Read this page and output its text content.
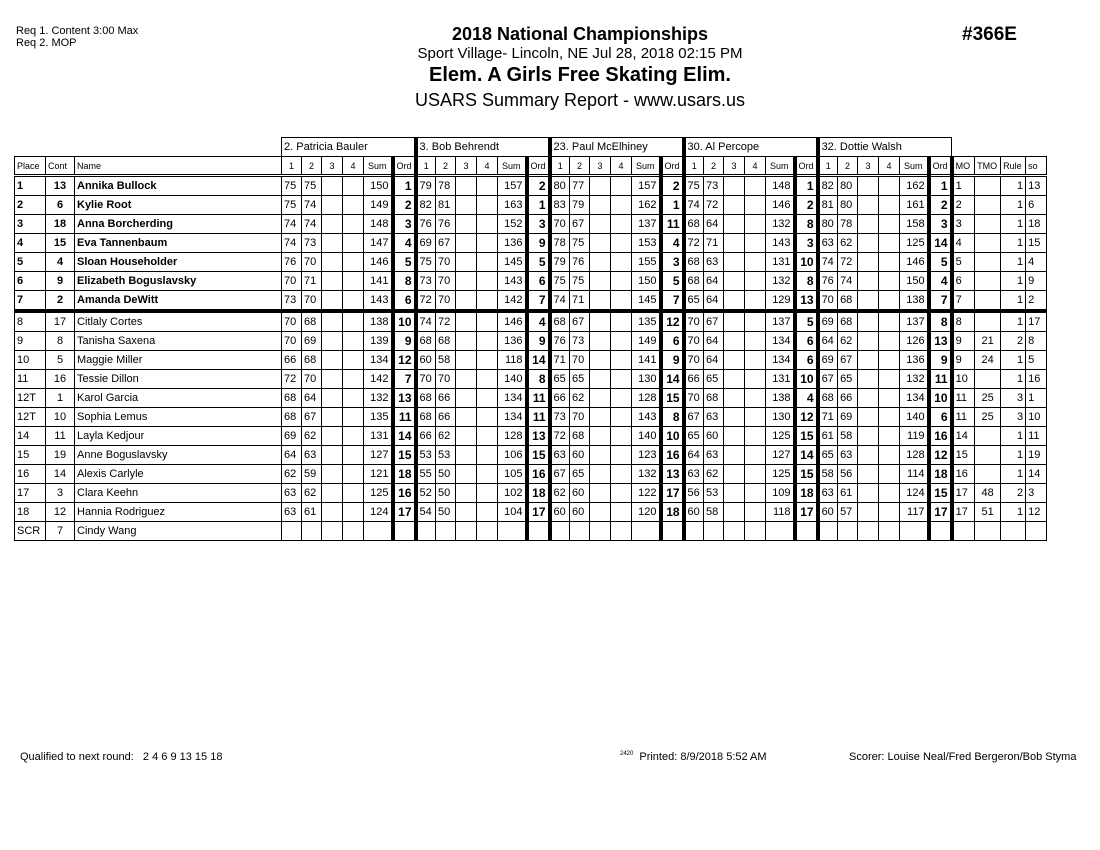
Req 1. Content 3:00 Max
Req 2. MOP	2018 National Championships
Sport Village- Lincoln, NE Jul 28, 2018 02:15 PM
Elem. A Girls Free Skating Elim.
USARS Summary Report - www.usars.us
#366E
			2. Patricia Bauler						3. Bob Behrendt						23. Paul McElhiney						30. Al Percope						32. Dottie Walsh									
Place	Cont	Name	1	2	3	4	Sum	Ord	1	2	3	4	Sum	Ord	1	2	3	4	Sum	Ord	1	2	3	4	Sum	Ord	1	2	3	4	Sum	Ord	MO	TMO	Rule	so
1	13	Annika Bullock	75	75			150	1	79	78			157	2	80	77			157	2	75	73			148	1	82	80			162	1	1		1	13
2	6	Kylie Root	75	74			149	2	82	81			163	1	83	79			162	1	74	72			146	2	81	80			161	2	2		1	6
3	18	Anna Borcherding	74	74			148	3	76	76			152	3	70	67			137	11	68	64			132	8	80	78			158	3	3		1	18
4	15	Eva Tannenbaum	74	73			147	4	69	67			136	9	78	75			153	4	72	71			143	3	63	62			125	14	4		1	15
5	4	Sloan Householder	76	70			146	5	75	70			145	5	79	76			155	3	68	63			131	10	74	72			146	5	5		1	4
6	9	Elizabeth Boguslavsky	70	71			141	8	73	70			143	6	75	75			150	5	68	64			132	8	76	74			150	4	6		1	9
7	2	Amanda DeWitt	73	70			143	6	72	70			142	7	74	71			145	7	65	64			129	13	70	68			138	7	7		1	2
8	17	Citlaly Cortes	70	68			138	10	74	72			146	4	68	67			135	12	70	67			137	5	69	68			137	8	8		1	17
9	8	Tanisha Saxena	70	69			139	9	68	68			136	9	76	73			149	6	70	64			134	6	64	62			126	13	9	21	2	8
10	5	Maggie Miller	66	68			134	12	60	58			118	14	71	70			141	9	70	64			134	6	69	67			136	9	9	24	1	5
11	16	Tessie Dillon	72	70			142	7	70	70			140	8	65	65			130	14	66	65			131	10	67	65			132	11	10		1	16
12T	1	Karol Garcia	68	64			132	13	68	66			134	11	66	62			128	15	70	68			138	4	68	66			134	10	11	25	3	1
12T	10	Sophia Lemus	68	67			135	11	68	66			134	11	73	70			143	8	67	63			130	12	71	69			140	6	11	25	3	10
14	11	Layla Kedjour	69	62			131	14	66	62			128	13	72	68			140	10	65	60			125	15	61	58			119	16	14		1	11
15	19	Anne Boguslavsky	64	63			127	15	53	53			106	15	63	60			123	16	64	63			127	14	65	63			128	12	15		1	19
16	14	Alexis Carlyle	62	59			121	18	55	50			105	16	67	65			132	13	63	62			125	15	58	56			114	18	16		1	14
17	3	Clara Keehn	63	62			125	16	52	50			102	18	62	60			122	17	56	53			109	18	63	61			124	15	17	48	2	3
18	12	Hannia Rodriguez	63	61			124	17	54	50			104	17	60	60			120	18	60	58			118	17	60	57			117	17	17	51	1	12
SCR	7	Cindy Wang																																		
Qualified to next round: 2 4 6 9 13 15 18	$^{2420}$ Printed: 8/9/2018 5:52 AM	Scorer: Louise Neal/Fred Bergeron/Bob Styma
